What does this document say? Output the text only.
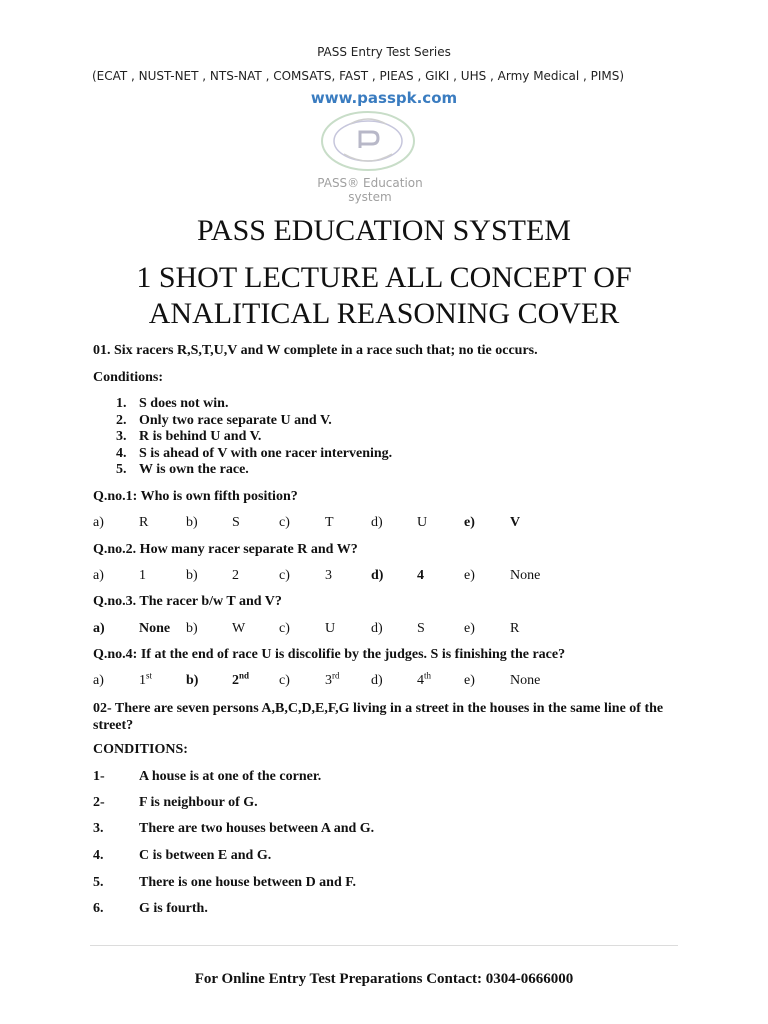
PASS Entry Test Series
(ECAT , NUST-NET , NTS-NAT , COMSATS, FAST , PIEAS , GIKI , UHS , Army Medical , PIMS)
www.passpk.com
PASS® Education
system
PASS EDUCATION SYSTEM
1 SHOT LECTURE ALL CONCEPT OF
ANALITICAL REASONING COVER
01. Six racers R,S,T,U,V and W complete in a race such that; no tie occurs.
Conditions:
1. S does not win.
2. Only two race separate U and V.
3. R is behind U and V.
4. S is ahead of V with one racer intervening.
5. W is own the race.
Q.no.1: Who is own fifth position?
a)	R	b) S	c)	T	d) U	e)	V
Q.no.2. How many racer separate R and W?
a)	1	b) 2	c)	3	d) 4	e)	None
Q.no.3. The racer b/w T and V?
a) None b) W c)	U	d) S	e)	R
Q.no.4: If at the end of race U is discolifie by the judges. S is finishing the race?
a)	1st b) 2nd c)	3rd d) 4th e)	None
02- There are seven persons A,B,C,D,E,F,G living in a street in the houses in the same line of the
street?
CONDITIONS:
1- A house is at one of the corner.
2- F is neighbour of G.
3.	There are two houses between A and G.
4.	C is between E and G.
5.	There is one house between D and F.
6.	G is fourth.
For Online Entry Test Preparations Contact: 0304-0666000
